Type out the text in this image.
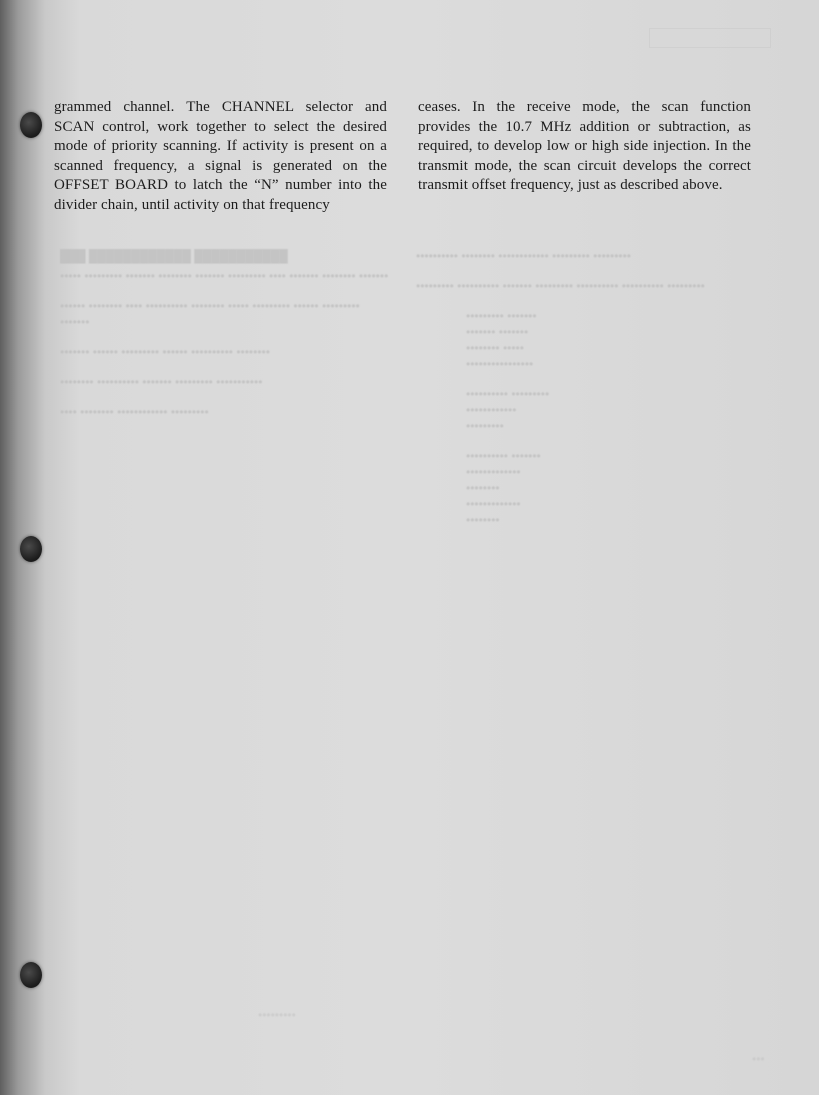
grammed channel. The CHANNEL selector and SCAN control, work together to select the desired mode of priority scanning. If activity is present on a scanned frequency, a signal is generated on the OFFSET BOARD to latch the “N” number into the divider chain, until activity on that frequency
ceases. In the receive mode, the scan function provides the 10.7 MHz addition or subtraction, as required, to develop low or high side injection. In the transmit mode, the scan circuit develops the correct transmit offset frequency, just as described above.
███ ████████████ ███████████

••••• ••••••••• ••••••• •••••••• ••••••• ••••••••• •••• ••••••• •••••••• •••••••

•••••• •••••••• •••• •••••••••• •••••••• ••••• ••••••••• •••••• ••••••••• •••••••

••••••• •••••• ••••••••• •••••• •••••••••• ••••••••

•••••••• •••••••••• ••••••• ••••••••• •••••••••••

•••• •••••••• •••••••••••• •••••••••

•••••••••• •••••••• •••••••••••• ••••••••• •••••••••

••••••••• •••••••••• ••••••• ••••••••• •••••••••• •••••••••• •••••••••

••••••••• •••••••
••••••• •••••••
•••••••• •••••
••••••••••••••••

•••••••••• •••••••••
••••••••••••
•••••••••

•••••••••• •••••••
•••••••••••••
••••••••
•••••••••••••
••••••••

•••••••••
•••
